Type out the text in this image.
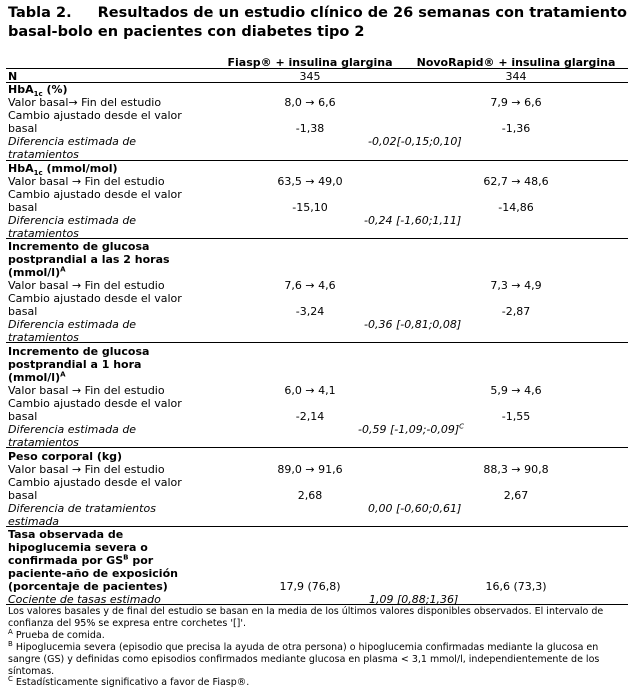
Tabla 2. Resultados de un estudio clínico de 26 semanas con tratamiento basal-bolo en pacientes con diabetes tipo 2
Fiasp® + insulina glargina	NovoRapid® + insulina glargina
N	345	344
HbA$_{1c}$ (%)
Valor basal→ Fin del estudio	8,0 → 6,6	7,9 → 6,6
Cambio ajustado desde el valor
basal	-1,38	-1,36
Diferencia estimada de	-0,02[-0,15;0,10]
tratamientos
HbA$_{1c}$ (mmol/mol)
Valor basal → Fin del estudio	63,5 → 49,0	62,7 → 48,6
Cambio ajustado desde el valor
basal	-15,10	-14,86
Diferencia estimada de	-0,24 [-1,60;1,11]
tratamientos
Incremento de glucosa
postprandial a las 2 horas
(mmol/l)$^A$
Valor basal → Fin del estudio	7,6 → 4,6	7,3 → 4,9
Cambio ajustado desde el valor
basal	-3,24	-2,87
Diferencia estimada de	-0,36 [-0,81;0,08]
tratamientos
Incremento de glucosa
postprandial a 1 hora
(mmol/l)$^A$
Valor basal → Fin del estudio	6,0 → 4,1	5,9 → 4,6
Cambio ajustado desde el valor
basal	-2,14	-1,55
Diferencia estimada de	-0,59 [-1,09;-0,09]$^C$
tratamientos
Peso corporal (kg)
Valor basal → Fin del estudio	89,0 → 91,6	88,3 → 90,8
Cambio ajustado desde el valor
basal	2,68	2,67
Diferencia de tratamientos	0,00 [-0,60;0,61]
estimada
Tasa observada de
hipoglucemia severa o
confirmada por $GS^B$ por
paciente-año de exposición
(porcentaje de pacientes)	17,9 (76,8)	16,6 (73,3)
Cociente de tasas estimado	1,09 [0,88;1,36]
Los valores basales y de final del estudio se basan en la media de los últimos valores disponibles observados. El intervalo de
confianza del 95% se expresa entre corchetes '[]'.
$^A$ Prueba de comida.
$^B$ Hipoglucemia severa (episodio que precisa la ayuda de otra persona) o hipoglucemia confirmadas mediante la glucosa en
sangre (GS) y definidas como episodios confirmados mediante glucosa en plasma < 3,1 mmol/l, independientemente de los
síntomas.
$^C$ Estadísticamente significativo a favor de Fiasp®.
